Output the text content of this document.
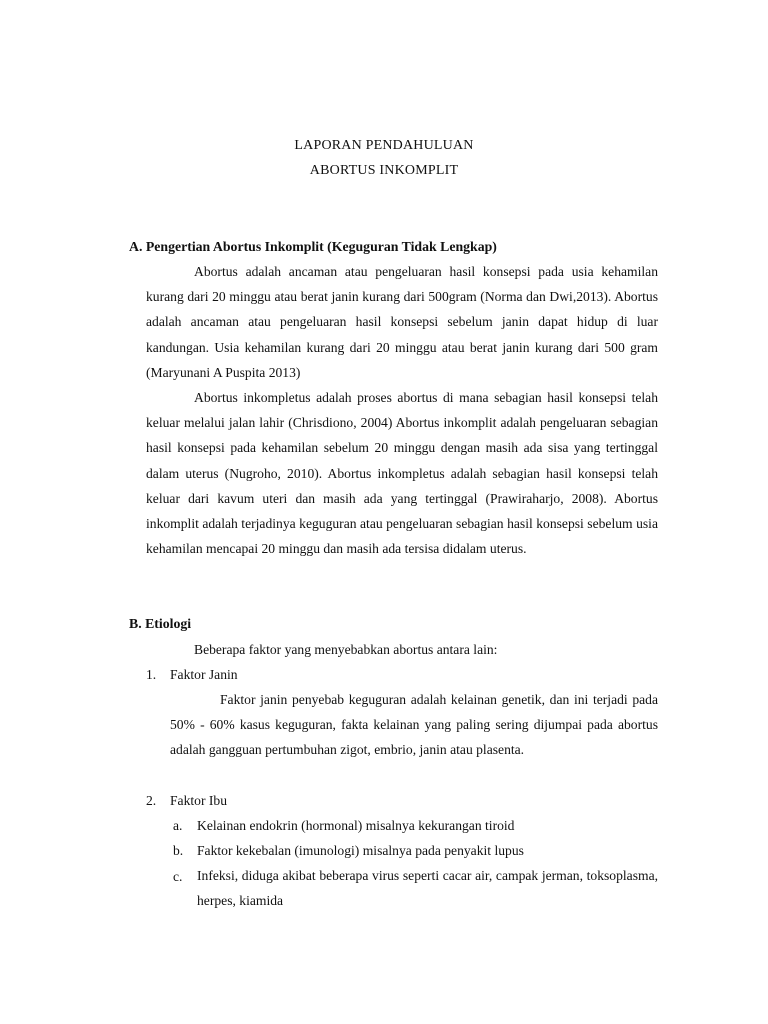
LAPORAN PENDAHULUAN
ABORTUS INKOMPLIT
A. Pengertian Abortus Inkomplit (Keguguran Tidak Lengkap)

Abortus adalah ancaman atau pengeluaran hasil konsepsi pada usia kehamilan kurang dari 20 minggu atau berat janin kurang dari 500gram (Norma dan Dwi,2013). Abortus adalah ancaman atau pengeluaran hasil konsepsi sebelum janin dapat hidup di luar kandungan. Usia kehamilan kurang dari 20 minggu atau berat janin kurang dari 500 gram (Maryunani A Puspita 2013)

Abortus inkompletus adalah proses abortus di mana sebagian hasil konsepsi telah keluar melalui jalan lahir (Chrisdiono, 2004) Abortus inkomplit adalah pengeluaran sebagian hasil konsepsi pada kehamilan sebelum 20 minggu dengan masih ada sisa yang tertinggal dalam uterus (Nugroho, 2010). Abortus inkompletus adalah sebagian hasil konsepsi telah keluar dari kavum uteri dan masih ada yang tertinggal (Prawiraharjo, 2008). Abortus inkomplit adalah terjadinya keguguran atau pengeluaran sebagian hasil konsepsi sebelum usia kehamilan mencapai 20 minggu dan masih ada tersisa didalam uterus.

B. Etiologi
Beberapa faktor yang menyebabkan abortus antara lain:
1. Faktor Janin

Faktor janin penyebab keguguran adalah kelainan genetik, dan ini terjadi pada 50% - 60% kasus keguguran, fakta kelainan yang paling sering dijumpai pada abortus adalah gangguan pertumbuhan zigot, embrio, janin atau plasenta.

2. Faktor Ibu
a. Kelainan endokrin (hormonal) misalnya kekurangan tiroid
b. Faktor kekebalan (imunologi) misalnya pada penyakit lupus
c. Infeksi, diduga akibat beberapa virus seperti cacar air, campak jerman, toksoplasma, herpes, kiamida
